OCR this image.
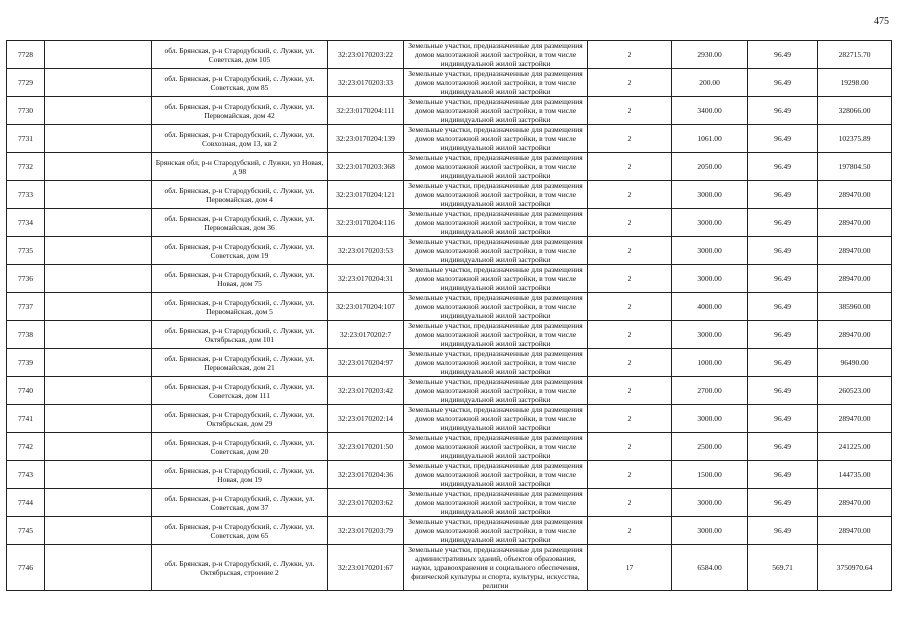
475
7728		обл. Брянская, р-н Стародубский, с. Лужки, ул. Советская, дом 105	32:23:0170203:22	Земельные участки, предназначенные для размещения домов малоэтажной жилой застройки, в том числе индивидуальной жилой застройки	2	2930.00	96.49	282715.70
7729		обл. Брянская, р-н Стародубский, с. Лужки, ул. Советская, дом 85	32:23:0170203:33	Земельные участки, предназначенные для размещения домов малоэтажной жилой застройки, в том числе индивидуальной жилой застройки	2	200.00	96.49	19298.00
7730		обл. Брянская, р-н Стародубский, с. Лужки, ул. Первомайская, дом 42	32:23:0170204:111	Земельные участки, предназначенные для размещения домов малоэтажной жилой застройки, в том числе индивидуальной жилой застройки	2	3400.00	96.49	328066.00
7731		обл. Брянская, р-н Стародубский, с. Лужки, ул. Совхозная, дом 13, кв 2	32:23:0170204:139	Земельные участки, предназначенные для размещения домов малоэтажной жилой застройки, в том числе индивидуальной жилой застройки	2	1061.00	96.49	102375.89
7732		Брянская обл, р-н Стародубский, с Лужки, ул Новая, д 98	32:23:0170203:368	Земельные участки, предназначенные для размещения домов малоэтажной жилой застройки, в том числе индивидуальной жилой застройки	2	2050.00	96.49	197804.50
7733		обл. Брянская, р-н Стародубский, с. Лужки, ул. Первомайская, дом 4	32:23:0170204:121	Земельные участки, предназначенные для размещения домов малоэтажной жилой застройки, в том числе индивидуальной жилой застройки	2	3000.00	96.49	289470.00
7734		обл. Брянская, р-н Стародубский, с. Лужки, ул. Первомайская, дом 36	32:23:0170204:116	Земельные участки, предназначенные для размещения домов малоэтажной жилой застройки, в том числе индивидуальной жилой застройки	2	3000.00	96.49	289470.00
7735		обл. Брянская, р-н Стародубский, с. Лужки, ул. Советская, дом 19	32:23:0170203:53	Земельные участки, предназначенные для размещения домов малоэтажной жилой застройки, в том числе индивидуальной жилой застройки	2	3000.00	96.49	289470.00
7736		обл. Брянская, р-н Стародубский, с. Лужки, ул. Новая, дом 75	32:23:0170204:31	Земельные участки, предназначенные для размещения домов малоэтажной жилой застройки, в том числе индивидуальной жилой застройки	2	3000.00	96.49	289470.00
7737		обл. Брянская, р-н Стародубский, с. Лужки, ул. Первомайская, дом 5	32:23:0170204:107	Земельные участки, предназначенные для размещения домов малоэтажной жилой застройки, в том числе индивидуальной жилой застройки	2	4000.00	96.49	385960.00
7738		обл. Брянская, р-н Стародубский, с. Лужки, ул. Октябрьская, дом 101	32:23:0170202:7	Земельные участки, предназначенные для размещения домов малоэтажной жилой застройки, в том числе индивидуальной жилой застройки	2	3000.00	96.49	289470.00
7739		обл. Брянская, р-н Стародубский, с. Лужки, ул. Первомайская, дом 21	32:23:0170204:97	Земельные участки, предназначенные для размещения домов малоэтажной жилой застройки, в том числе индивидуальной жилой застройки	2	1000.00	96.49	96490.00
7740		обл. Брянская, р-н Стародубский, с. Лужки, ул. Советская, дом 111	32:23:0170203:42	Земельные участки, предназначенные для размещения домов малоэтажной жилой застройки, в том числе индивидуальной жилой застройки	2	2700.00	96.49	260523.00
7741		обл. Брянская, р-н Стародубский, с. Лужки, ул. Октябрьская, дом 29	32:23:0170202:14	Земельные участки, предназначенные для размещения домов малоэтажной жилой застройки, в том числе индивидуальной жилой застройки	2	3000.00	96.49	289470.00
7742		обл. Брянская, р-н Стародубский, с. Лужки, ул. Советская, дом 20	32:23:0170201:50	Земельные участки, предназначенные для размещения домов малоэтажной жилой застройки, в том числе индивидуальной жилой застройки	2	2500.00	96.49	241225.00
7743		обл. Брянская, р-н Стародубский, с. Лужки, ул. Новая, дом 19	32:23:0170204:36	Земельные участки, предназначенные для размещения домов малоэтажной жилой застройки, в том числе индивидуальной жилой застройки	2	1500.00	96.49	144735.00
7744		обл. Брянская, р-н Стародубский, с. Лужки, ул. Советская, дом 37	32:23:0170203:62	Земельные участки, предназначенные для размещения домов малоэтажной жилой застройки, в том числе индивидуальной жилой застройки	2	3000.00	96.49	289470.00
7745		обл. Брянская, р-н Стародубский, с. Лужки, ул. Советская, дом 65	32:23:0170203:79	Земельные участки, предназначенные для размещения домов малоэтажной жилой застройки, в том числе индивидуальной жилой застройки	2	3000.00	96.49	289470.00
7746		обл. Брянская, р-н Стародубский, с. Лужки, ул. Октябрьская, строение 2	32:23:0170201:67	Земельные участки, предназначенные для размещения административных зданий, объектов образования, науки, здравоохранения и социального обеспечения, физической культуры и спорта, культуры, искусства, религии	17	6584.00	569.71	3750970.64
